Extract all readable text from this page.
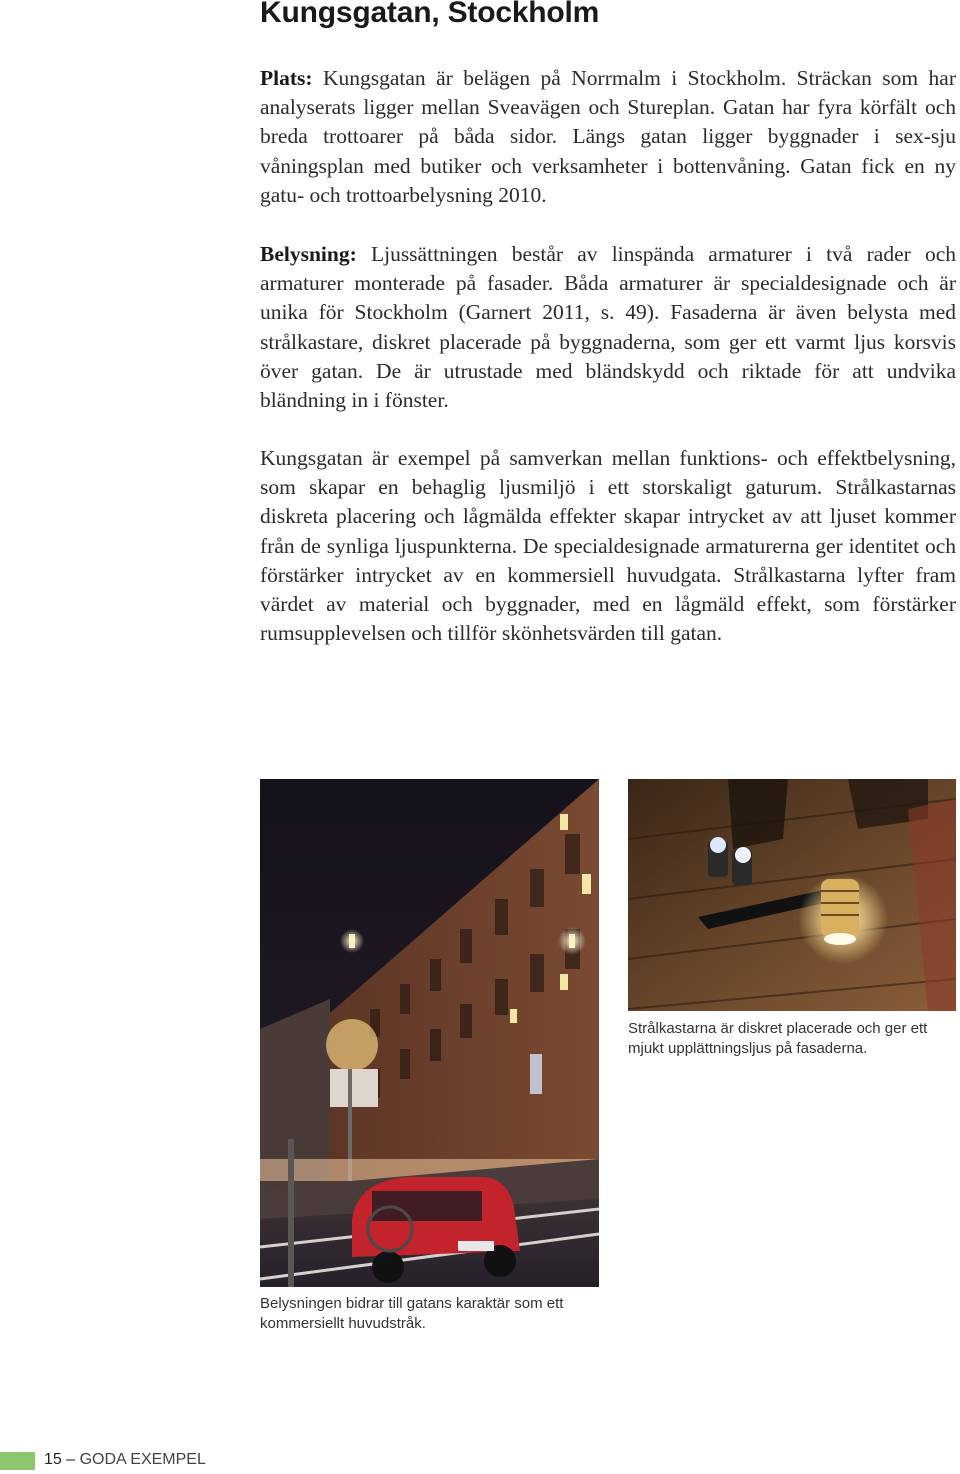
Kungsgatan, Stockholm

Plats: Kungsgatan är belägen på Norrmalm i Stockholm. Sträckan som har analyserats ligger mellan Sveavägen och Stureplan. Gatan har fyra körfält och breda trottoarer på båda sidor. Längs gatan ligger byggnader i sex-sju våningsplan med butiker och verksamheter i bottenvåning. Gatan fick en ny gatu- och trottoarbelysning 2010.

Belysning: Ljussättningen består av linspända armaturer i två rader och armaturer monterade på fasader. Båda armaturer är specialdesignade och är unika för Stockholm (Garnert 2011, s. 49). Fasaderna är även belysta med strålkastare, diskret placerade på byggnaderna, som ger ett varmt ljus korsvis över gatan. De är utrustade med bländskydd och riktade för att undvika bländning in i fönster.

Kungsgatan är exempel på samverkan mellan funktions- och effektbelysning, som skapar en behaglig ljusmiljö i ett storskaligt gaturum. Strålkastarnas diskreta placering och lågmälda effekter skapar intrycket av att ljuset kommer från de synliga ljuspunkterna. De specialdesignade armaturerna ger identitet och förstärker intrycket av en kommersiell huvudgata. Strålkastarna lyfter fram värdet av material och byggnader, med en lågmäld effekt, som förstärker rumsupplevelsen och tillför skönhetsvärden till gatan.

Belysningen bidrar till gatans karaktär som ett kommersiellt huvudstråk.

Strålkastarna är diskret placerade och ger ett mjukt upplättningsljus på fasaderna.

15 – GODA EXEMPEL
